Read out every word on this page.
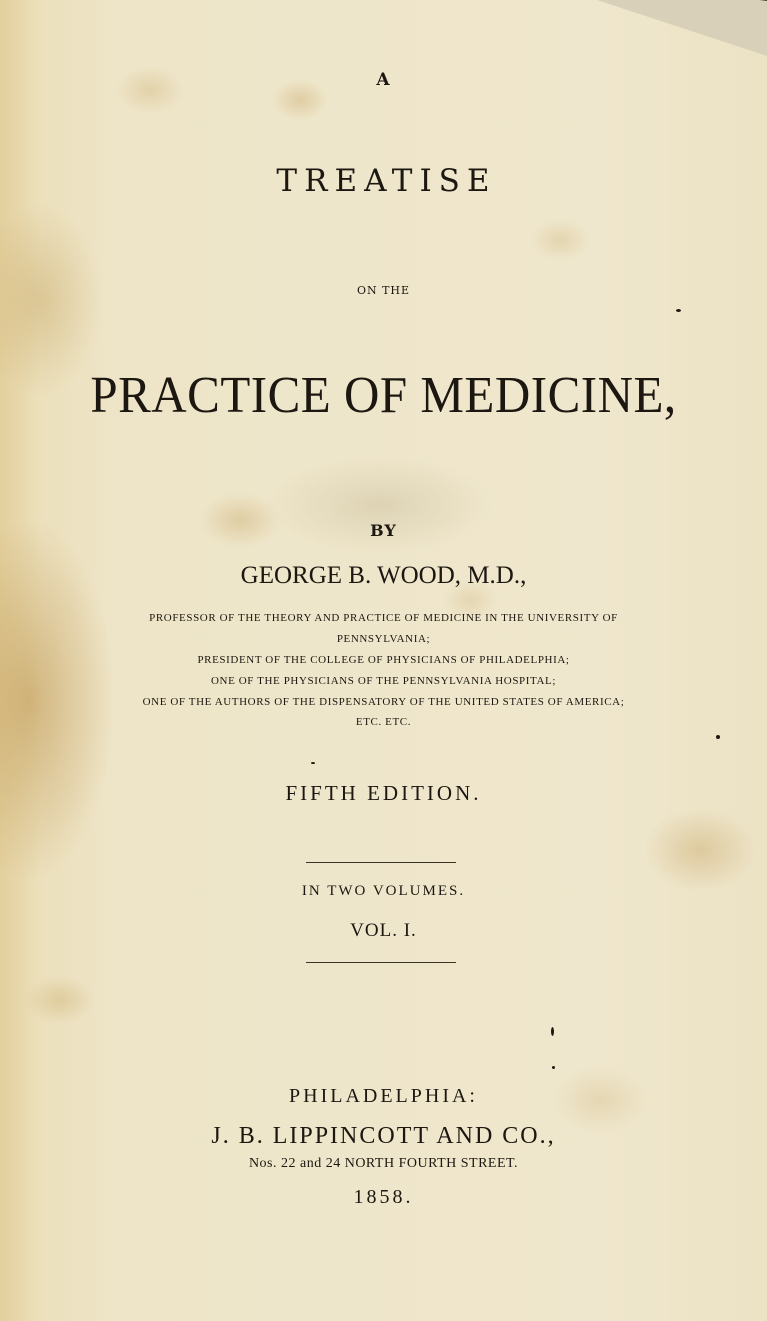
A
TREATISE
ON THE
PRACTICE OF MEDICINE,
BY
GEORGE B. WOOD, M.D.,
PROFESSOR OF THE THEORY AND PRACTICE OF MEDICINE IN THE UNIVERSITY OF
PENNSYLVANIA;
PRESIDENT OF THE COLLEGE OF PHYSICIANS OF PHILADELPHIA;
ONE OF THE PHYSICIANS OF THE PENNSYLVANIA HOSPITAL;
ONE OF THE AUTHORS OF THE DISPENSATORY OF THE UNITED STATES OF AMERICA;
ETC. ETC.
FIFTH EDITION.
IN TWO VOLUMES.
VOL. I.
PHILADELPHIA:
J. B. LIPPINCOTT AND CO.,
Nos. 22 and 24 NORTH FOURTH STREET.
1858.
